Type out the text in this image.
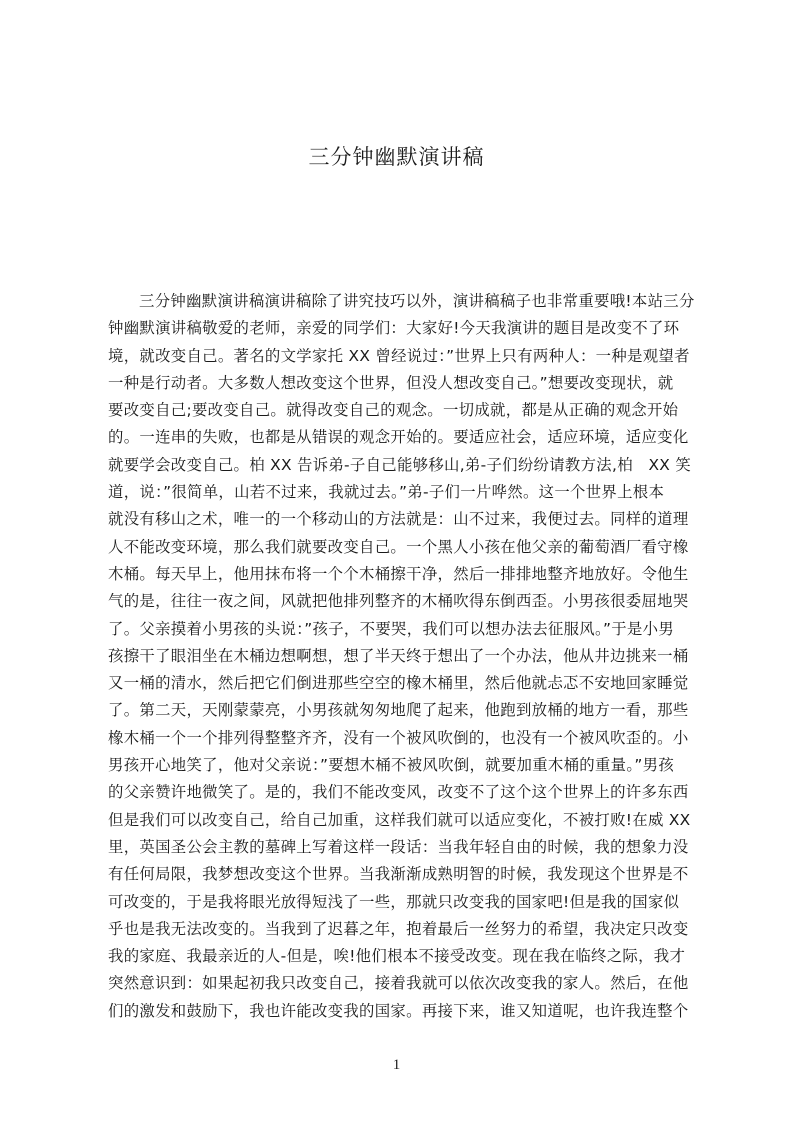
三分钟幽默演讲稿
三分钟幽默演讲稿演讲稿除了讲究技巧以外，演讲稿稿子也非常重要哦!本站三分
钟幽默演讲稿敬爱的老师，亲爱的同学们：大家好!今天我演讲的题目是改变不了环
境，就改变自己。著名的文学家托 XX 曾经说过：”世界上只有两种人：一种是观望者
一种是行动者。大多数人想改变这个世界，但没人想改变自己。”想要改变现状，就
要改变自己;要改变自己。就得改变自己的观念。一切成就，都是从正确的观念开始
的。一连串的失败，也都是从错误的观念开始的。要适应社会，适应环境，适应变化
就要学会改变自己。柏 XX 告诉弟-子自己能够移山,弟-子们纷纷请教方法,柏   XX 笑
道，说：”很简单，山若不过来，我就过去。”弟-子们一片哗然。这一个世界上根本
就没有移山之术，唯一的一个移动山的方法就是：山不过来，我便过去。同样的道理
人不能改变环境，那么我们就要改变自己。一个黑人小孩在他父亲的葡萄酒厂看守橡
木桶。每天早上，他用抹布将一个个木桶擦干净，然后一排排地整齐地放好。令他生
气的是，往往一夜之间，风就把他排列整齐的木桶吹得东倒西歪。小男孩很委屈地哭
了。父亲摸着小男孩的头说：”孩子，不要哭，我们可以想办法去征服风。”于是小男
孩擦干了眼泪坐在木桶边想啊想，想了半天终于想出了一个办法，他从井边挑来一桶
又一桶的清水，然后把它们倒进那些空空的橡木桶里，然后他就忐忑不安地回家睡觉
了。第二天，天刚蒙蒙亮，小男孩就匆匆地爬了起来，他跑到放桶的地方一看，那些
橡木桶一个一个排列得整整齐齐，没有一个被风吹倒的，也没有一个被风吹歪的。小
男孩开心地笑了，他对父亲说：”要想木桶不被风吹倒，就要加重木桶的重量。”男孩
的父亲赞许地微笑了。是的，我们不能改变风，改变不了这个这个世界上的许多东西
但是我们可以改变自己，给自己加重，这样我们就可以适应变化，不被打败!在威 XX
里，英国圣公会主教的墓碑上写着这样一段话：当我年轻自由的时候，我的想象力没
有任何局限，我梦想改变这个世界。当我渐渐成熟明智的时候，我发现这个世界是不
可改变的，于是我将眼光放得短浅了一些，那就只改变我的国家吧!但是我的国家似
乎也是我无法改变的。当我到了迟暮之年，抱着最后一丝努力的希望，我决定只改变
我的家庭、我最亲近的人-但是，唉!他们根本不接受改变。现在我在临终之际，我才
突然意识到：如果起初我只改变自己，接着我就可以依次改变我的家人。然后，在他
们的激发和鼓励下，我也许能改变我的国家。再接下来，谁又知道呢，也许我连整个
1
